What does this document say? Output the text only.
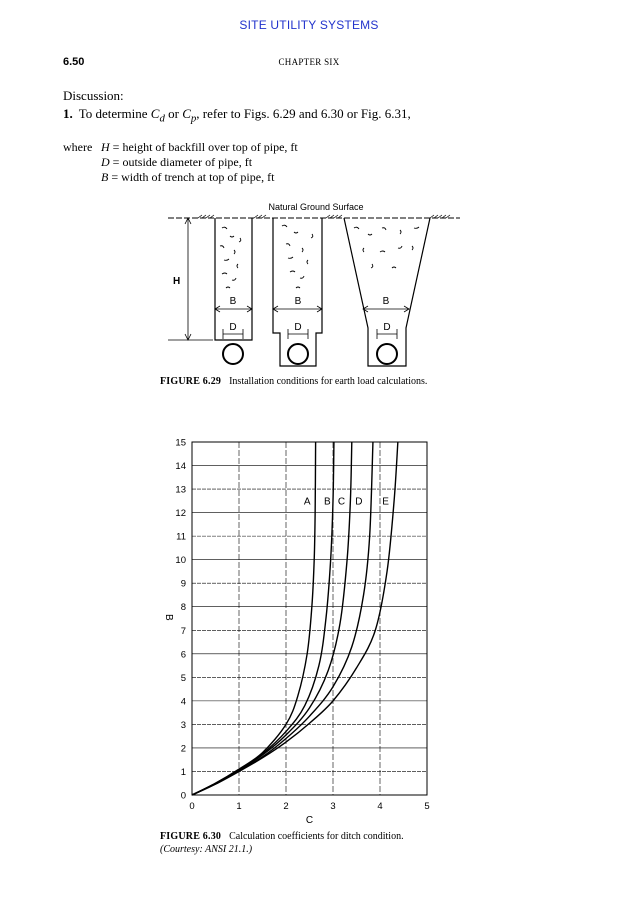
SITE UTILITY SYSTEMS
6.50	CHAPTER SIX
Discussion:
1. To determine $C_d$ or $C_p$, refer to Figs. 6.29 and 6.30 or Fig. 6.31,
where H
= height of backfill over top of pipe, ft
D
= outside diameter of pipe, ft
B
= width of trench at top of pipe, ft
Natural Ground Surface
H
B	B	B
D	D	D
FIGURE 6.29 Installation conditions for earth load calculations.
0
1
2
3
4
5
6
7
8
9
10
11
12
13
14
15
0	1	2	3	4	5
A B C D E
C
B
FIGURE 6.30 Calculation coefficients for ditch condition.
(Courtesy: ANSI 21.1.)
